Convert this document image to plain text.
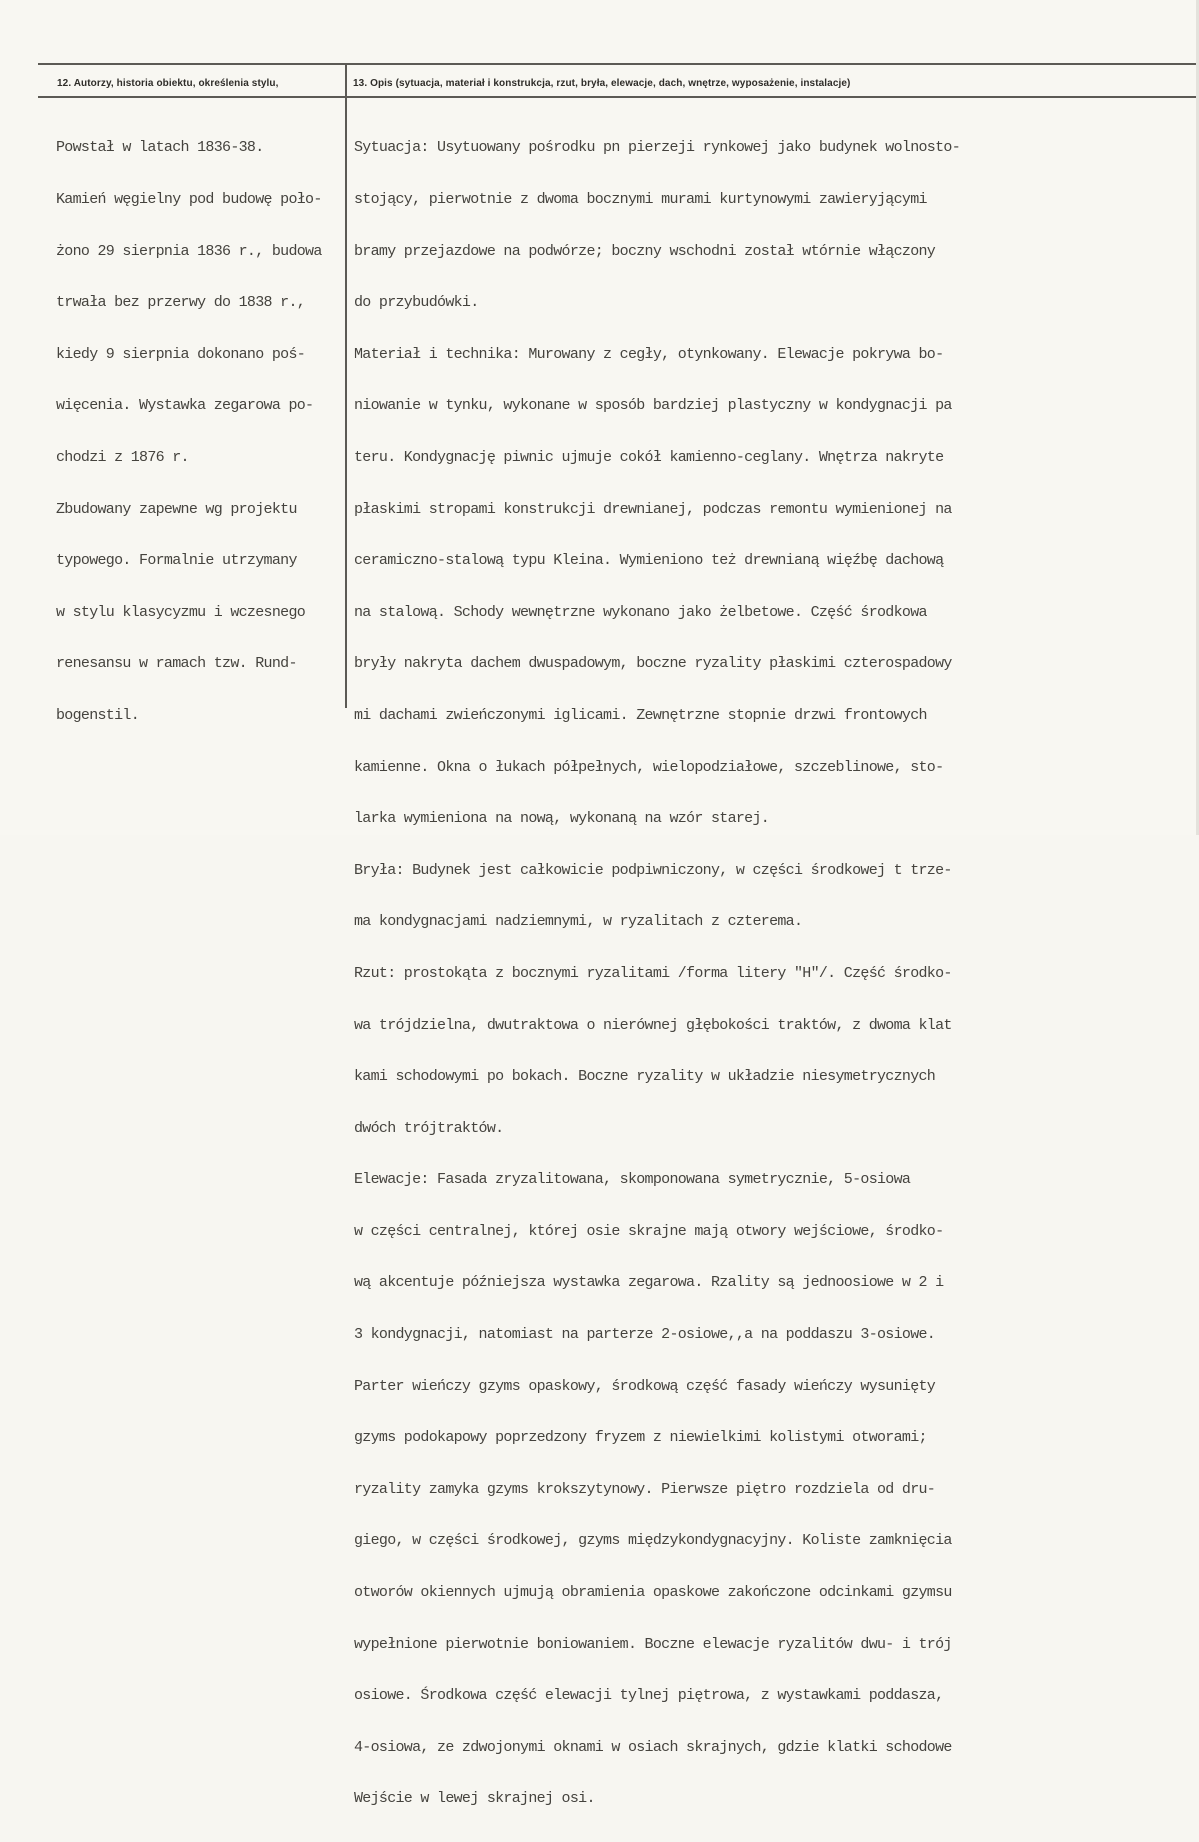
12. Autorzy, historia obiektu, określenia stylu,	13. Opis (sytuacja, materiał i konstrukcja, rzut, bryła, elewacje, dach, wnętrze, wyposażenie, instalacje)

Powstał w latach 1836-38.

Kamień węgielny pod budowę poło-

żono 29 sierpnia 1836 r., budowa

trwała bez przerwy do 1838 r.,

kiedy 9 sierpnia dokonano poś-

więcenia. Wystawka zegarowa po-

chodzi z 1876 r.

Zbudowany zapewne wg projektu

typowego. Formalnie utrzymany

w stylu klasycyzmu i wczesnego

renesansu w ramach tzw. Rund-

bogenstil.

Sytuacja: Usytuowany pośrodku pn pierzeji rynkowej jako budynek wolnosto-

stojący, pierwotnie z dwoma bocznymi murami kurtynowymi zawieryjącymi

bramy przejazdowe na podwórze; boczny wschodni został wtórnie włączony

do przybudówki.

Materiał i technika: Murowany z cegły, otynkowany. Elewacje pokrywa bo-

niowanie w tynku, wykonane w sposób bardziej plastyczny w kondygnacji pa

teru. Kondygnację piwnic ujmuje cokół kamienno-ceglany. Wnętrza nakryte

płaskimi stropami konstrukcji drewnianej, podczas remontu wymienionej na

ceramiczno-stalową typu Kleina. Wymieniono też drewnianą więźbę dachową

na stalową. Schody wewnętrzne wykonano jako żelbetowe. Część środkowa

bryły nakryta dachem dwuspadowym, boczne ryzality płaskimi czterospadowy

mi dachami zwieńczonymi iglicami. Zewnętrzne stopnie drzwi frontowych

kamienne. Okna o łukach półpełnych, wielopodziałowe, szczeblinowe, sto-

larka wymieniona na nową, wykonaną na wzór starej.

Bryła: Budynek jest całkowicie podpiwniczony, w części środkowej t trze-

ma kondygnacjami nadziemnymi, w ryzalitach z czterema.

Rzut: prostokąta z bocznymi ryzalitami /forma litery "H"/. Część środko-

wa trójdzielna, dwutraktowa o nierównej głębokości traktów, z dwoma klat

kami schodowymi po bokach. Boczne ryzality w układzie niesymetrycznych

dwóch trójtraktów.

Elewacje: Fasada zryzalitowana, skomponowana symetrycznie, 5-osiowa

w części centralnej, której osie skrajne mają otwory wejściowe, środko-

wą akcentuje późniejsza wystawka zegarowa. Rzality są jednoosiowe w 2 i

3 kondygnacji, natomiast na parterze 2-osiowe,,a na poddaszu 3-osiowe.

Parter wieńczy gzyms opaskowy, środkową część fasady wieńczy wysunięty

gzyms podokapowy poprzedzony fryzem z niewielkimi kolistymi otworami;

ryzality zamyka gzyms krokszytynowy. Pierwsze piętro rozdziela od dru-

giego, w części środkowej, gzyms międzykondygnacyjny. Koliste zamknięcia

otworów okiennych ujmują obramienia opaskowe zakończone odcinkami gzymsu

wypełnione pierwotnie boniowaniem. Boczne elewacje ryzalitów dwu- i trój

osiowe. Środkowa część elewacji tylnej piętrowa, z wystawkami poddasza,

4-osiowa, ze zdwojonymi oknami w osiach skrajnych, gdzie klatki schodowe

Wejście w lewej skrajnej osi.
